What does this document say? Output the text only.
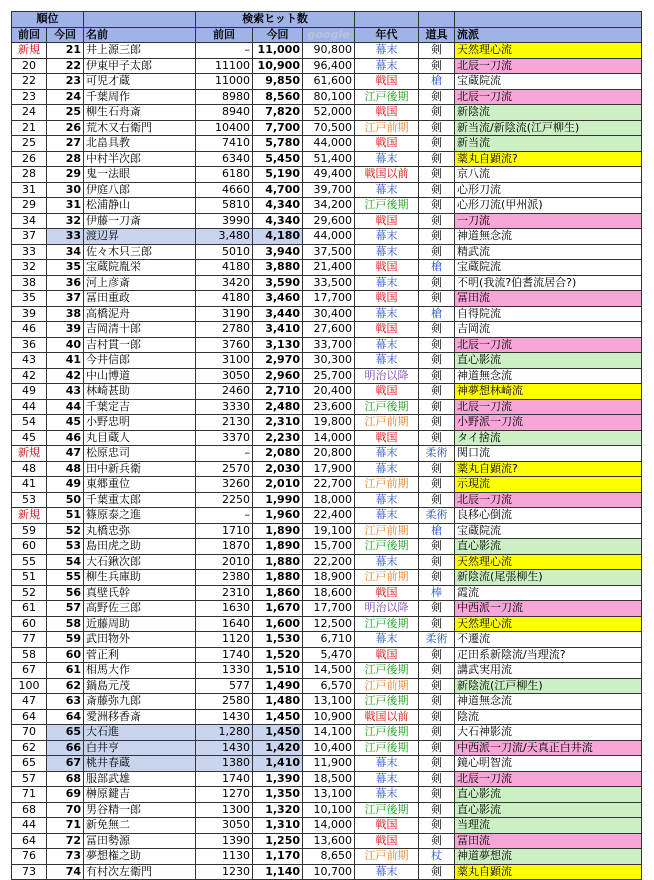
順位			検索ヒット数					
前回	今回	名前	前回	今回	google	年代	道具	流派
新規	21	井上源三郎	–	11,000	90,800	幕末	剣	天然理心流
20	22	伊東甲子太郎	11100	10,900	96,400	幕末	剣	北辰一刀流
22	23	可児才蔵	11000	9,850	61,600	戦国	槍	宝蔵院流
23	24	千葉周作	8980	8,560	80,100	江戸後期	剣	北辰一刀流
24	25	柳生石舟斎	8940	7,820	52,000	戦国	剣	新陰流
21	26	荒木又右衛門	10400	7,700	70,500	江戸前期	剣	新当流/新陰流(江戸柳生)
25	27	北畠具教	7410	5,780	44,000	戦国	剣	新当流
26	28	中村半次郎	6340	5,450	51,400	幕末	剣	薬丸自顕流?
28	29	鬼一法眼	6180	5,190	49,400	戦国以前	剣	京八流
31	30	伊庭八郎	4660	4,700	39,700	幕末	剣	心形刀流
29	31	松浦静山	5810	4,340	34,200	江戸後期	剣	心形刀流(甲州派)
34	32	伊藤一刀斎	3990	4,340	29,600	戦国	剣	一刀流
37	33	渡辺昇	3,480	4,180	44,000	幕末	剣	神道無念流
33	34	佐々木只三郎	5010	3,940	37,500	幕末	剣	精武流
32	35	宝蔵院胤栄	4180	3,880	21,400	戦国	槍	宝蔵院流
38	36	河上彦斎	3420	3,590	33,500	幕末	剣	不明(我流?伯耆流居合?)
35	37	冨田重政	4180	3,460	17,700	戦国	剣	冨田流
39	38	高橋泥舟	3190	3,440	30,400	幕末	槍	自得院流
46	39	吉岡清十郎	2780	3,410	27,600	戦国	剣	吉岡流
36	40	吉村貫一郎	3760	3,130	33,700	幕末	剣	北辰一刀流
43	41	今井信郎	3100	2,970	30,300	幕末	剣	直心影流
42	42	中山博道	3050	2,960	25,700	明治以降	剣	神道無念流
49	43	林崎甚助	2460	2,710	20,400	戦国	剣	神夢想林崎流
44	44	千葉定吉	3330	2,480	23,600	江戸後期	剣	北辰一刀流
54	45	小野忠明	2130	2,310	19,800	江戸前期	剣	小野派一刀流
45	46	丸目蔵人	3370	2,230	14,000	戦国	剣	タイ捨流
新規	47	松原忠司	–	2,080	20,800	幕末	柔術	関口流
48	48	田中新兵衛	2570	2,030	17,900	幕末	剣	薬丸自顕流?
41	49	東郷重位	3260	2,010	22,700	江戸前期	剣	示現流
53	50	千葉重太郎	2250	1,990	18,000	幕末	剣	北辰一刀流
新規	51	篠原泰之進	–	1,960	22,400	幕末	柔術	良移心倒流
59	52	丸橋忠弥	1710	1,890	19,100	江戸前期	槍	宝蔵院流
60	53	島田虎之助	1870	1,890	15,700	江戸後期	剣	直心影流
55	54	大石鍬次郎	2010	1,880	22,200	幕末	剣	天然理心流
51	55	柳生兵庫助	2380	1,880	18,900	江戸前期	剣	新陰流(尾張柳生)
52	56	真壁氏幹	2310	1,860	18,600	戦国	棒	霞流
61	57	高野佐三郎	1630	1,670	17,700	明治以降	剣	中西派一刀流
60	58	近藤周助	1640	1,600	12,500	江戸後期	剣	天然理心流
77	59	武田物外	1120	1,530	6,710	幕末	柔術	不遷流
58	60	菅正利	1740	1,520	5,470	戦国	剣	疋田系新陰流/当理流?
67	61	相馬大作	1330	1,510	14,500	江戸後期	剣	講武実用流
100	62	鍋島元茂	577	1,490	6,570	江戸前期	剣	新陰流(江戸柳生)
47	63	斎藤弥九郎	2580	1,480	13,100	江戸後期	剣	神道無念流
64	64	愛洲移香斎	1430	1,450	10,900	戦国以前	剣	陰流
70	65	大石進	1,280	1,450	14,100	江戸後期	剣	大石神影流
62	66	白井亨	1430	1,420	10,400	江戸後期	剣	中西派一刀流/天真正白井流
65	67	桃井春蔵	1380	1,410	11,900	幕末	剣	鏡心明智流
57	68	服部武雄	1740	1,390	18,500	幕末	剣	北辰一刀流
71	69	榊原鍵吉	1270	1,350	13,100	幕末	剣	直心影流
68	70	男谷精一郎	1300	1,320	10,100	江戸後期	剣	直心影流
44	71	新免無二	3050	1,310	14,000	戦国	剣	当理流
64	72	冨田勢源	1390	1,250	13,600	戦国	剣	冨田流
76	73	夢想権之助	1130	1,170	8,650	江戸前期	杖	神道夢想流
73	74	有村次左衛門	1230	1,140	10,700	幕末	剣	薬丸自顕流
